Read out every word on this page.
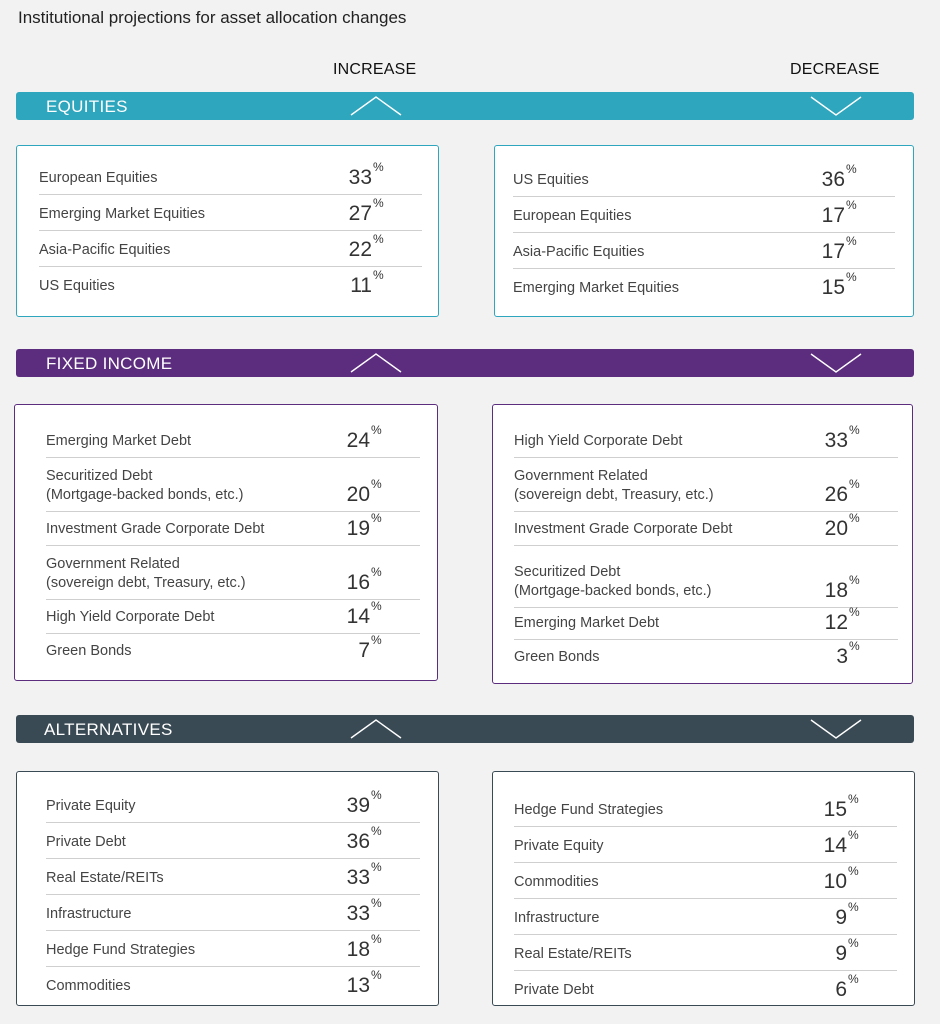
Institutional projections for asset allocation changes
INCREASE	DECREASE
EQUITIES
FIXED INCOME
ALTERNATIVES
European Equities	33 %
Emerging Market Equities	27 %
Asia-Pacific Equities	22 %
US Equities	11 %
US Equities	36 %
European Equities	17 %
Asia-Pacific Equities	17 %
Emerging Market Equities	15 %
Emerging Market Debt	24 %
Securitized Debt
(Mortgage-backed bonds, etc.)	20 %
Investment Grade Corporate Debt	19 %
Government Related
(sovereign debt, Treasury, etc.)	16 %
High Yield Corporate Debt	14 %
Green Bonds	7 %
High Yield Corporate Debt	33 %
Government Related
(sovereign debt, Treasury, etc.)	26 %
Investment Grade Corporate Debt	20 %
Securitized Debt
(Mortgage-backed bonds, etc.)	18 %
Emerging Market Debt	12 %
Green Bonds	3 %
Private Equity	39 %
Private Debt	36 %
Real Estate/REITs	33 %
Infrastructure	33 %
Hedge Fund Strategies	18 %
Commodities	13 %
Hedge Fund Strategies	15 %
Private Equity	14 %
Commodities	10 %
Infrastructure	9 %
Real Estate/REITs	9 %
Private Debt	6 %
